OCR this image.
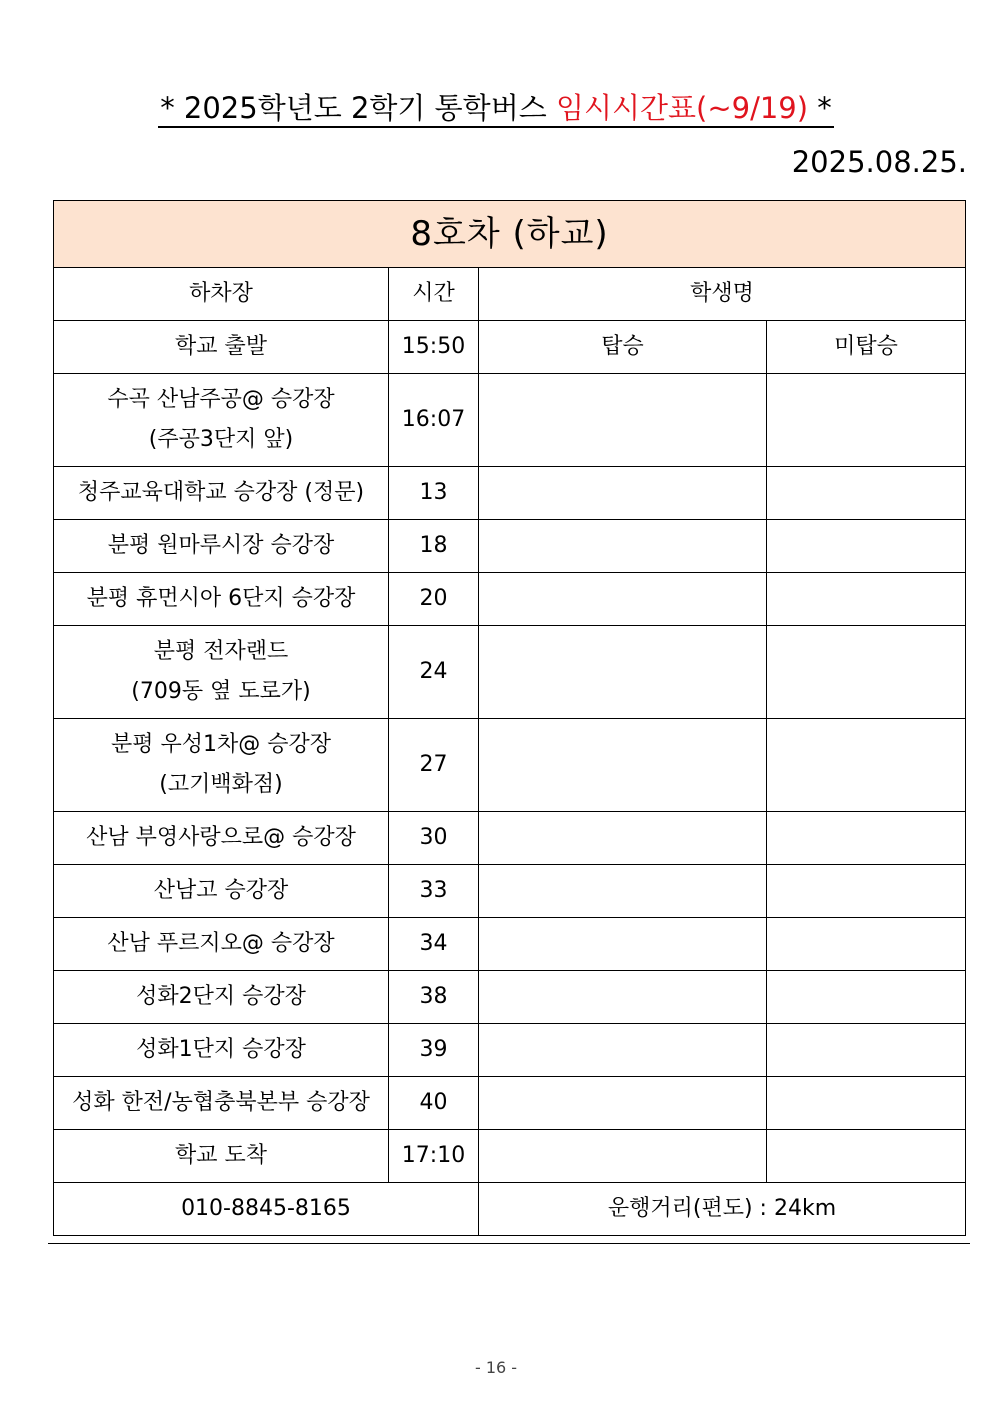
* 2025학년도 2학기 통학버스 임시시간표(~9/19) *
2025.08.25.
8호차 (하교)			
하차장	시간	학생명	
학교 출발	15:50	탑승	미탑승

수곡 산남주공@ 승강장
(주공3단지 앞)	16:07		

청주교육대학교 승강장 (정문)	13		

분평 원마루시장 승강장	18		

분평 휴먼시아 6단지 승강장	20		

분평 전자랜드
(709동 옆 도로가)	24		

분평 우성1차@ 승강장
(고기백화점)	27		

산남 부영사랑으로@ 승강장	30		

산남고 승강장	33		

산남 푸르지오@ 승강장	34		

성화2단지 승강장	38		

성화1단지 승강장	39		

성화 한전/농협충북본부 승강장	40		
학교 도착	17:10		
010-8845-8165		운행거리(편도) : 24km	
- 16 -
